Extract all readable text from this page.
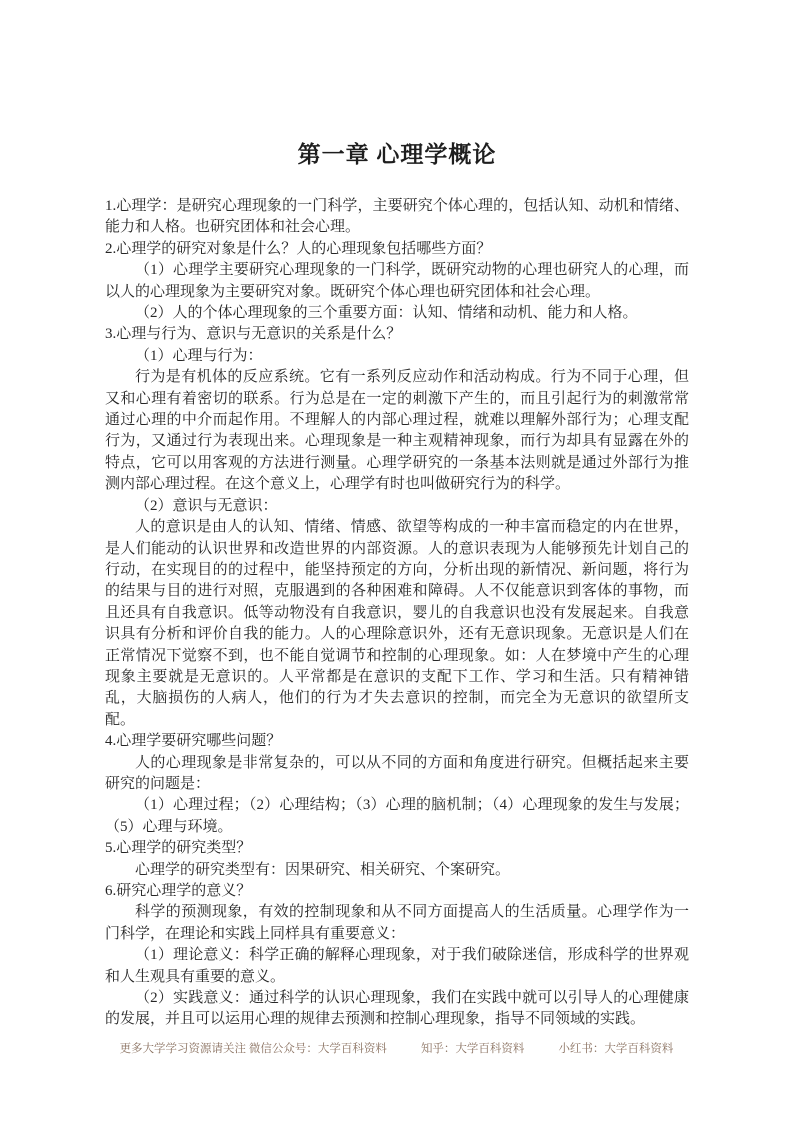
第一章 心理学概论

1.心理学：是研究心理现象的一门科学，主要研究个体心理的，包括认知、动机和情绪、能力和人格。也研究团体和社会心理。

2.心理学的研究对象是什么？人的心理现象包括哪些方面？

（1）心理学主要研究心理现象的一门科学，既研究动物的心理也研究人的心理，而以人的心理现象为主要研究对象。既研究个体心理也研究团体和社会心理。

（2）人的个体心理现象的三个重要方面：认知、情绪和动机、能力和人格。

3.心理与行为、意识与无意识的关系是什么？

（1）心理与行为：

行为是有机体的反应系统。它有一系列反应动作和活动构成。行为不同于心理，但又和心理有着密切的联系。行为总是在一定的刺激下产生的，而且引起行为的刺激常常通过心理的中介而起作用。不理解人的内部心理过程，就难以理解外部行为；心理支配行为，又通过行为表现出来。心理现象是一种主观精神现象，而行为却具有显露在外的特点，它可以用客观的方法进行测量。心理学研究的一条基本法则就是通过外部行为推测内部心理过程。在这个意义上，心理学有时也叫做研究行为的科学。

（2）意识与无意识：

人的意识是由人的认知、情绪、情感、欲望等构成的一种丰富而稳定的内在世界，是人们能动的认识世界和改造世界的内部资源。人的意识表现为人能够预先计划自己的行动，在实现目的的过程中，能坚持预定的方向，分析出现的新情况、新问题，将行为的结果与目的进行对照，克服遇到的各种困难和障碍。人不仅能意识到客体的事物，而且还具有自我意识。低等动物没有自我意识，婴儿的自我意识也没有发展起来。自我意识具有分析和评价自我的能力。人的心理除意识外，还有无意识现象。无意识是人们在正常情况下觉察不到，也不能自觉调节和控制的心理现象。如：人在梦境中产生的心理现象主要就是无意识的。人平常都是在意识的支配下工作、学习和生活。只有精神错乱，大脑损伤的人病人，他们的行为才失去意识的控制，而完全为无意识的欲望所支配。

4.心理学要研究哪些问题？

人的心理现象是非常复杂的，可以从不同的方面和角度进行研究。但概括起来主要研究的问题是：

（1）心理过程；（2）心理结构；（3）心理的脑机制；（4）心理现象的发生与发展；（5）心理与环境。

5.心理学的研究类型？

心理学的研究类型有：因果研究、相关研究、个案研究。

6.研究心理学的意义？

科学的预测现象，有效的控制现象和从不同方面提高人的生活质量。心理学作为一门科学，在理论和实践上同样具有重要意义：

（1）理论意义：科学正确的解释心理现象，对于我们破除迷信，形成科学的世界观和人生观具有重要的意义。

（2）实践意义：通过科学的认识心理现象，我们在实践中就可以引导人的心理健康的发展，并且可以运用心理的规律去预测和控制心理现象，指导不同领域的实践。

更多大学学习资源请关注 微信公众号：大学百科资料	知乎：大学百科资料	小红书：大学百科资料
